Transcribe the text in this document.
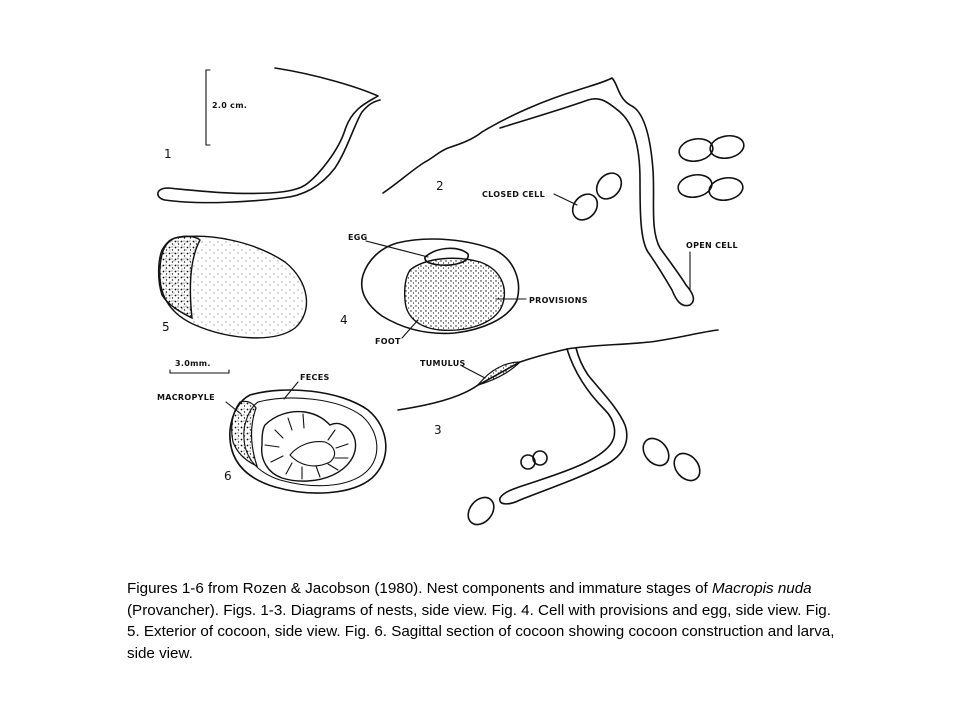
2.0 cm.
1
2
CLOSED CELL
OPEN CELL
5
EGG
PROVISIONS
FOOT
4
3.0mm.	TUMULUS
3
FECES
MACROPYLE
6

Figures 1-6 from Rozen & Jacobson (1980). Nest components and immature stages of Macropis nuda (Provancher). Figs. 1-3. Diagrams of nests, side view. Fig. 4. Cell with provisions and egg, side view. Fig. 5. Exterior of cocoon, side view. Fig. 6. Sagittal section of cocoon showing cocoon construction and larva, side view.
